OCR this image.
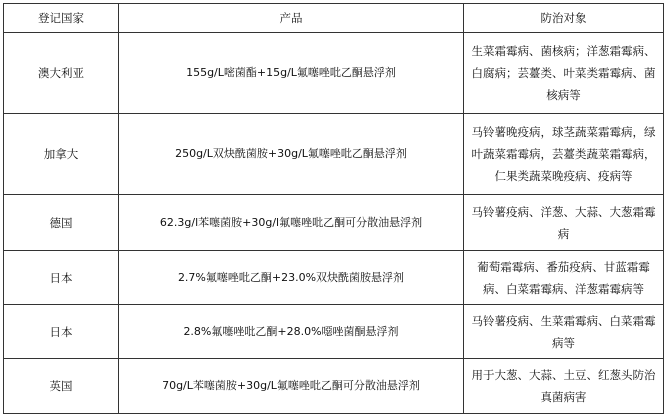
登记国家	产品	防治对象
澳大利亚	155g/L嘧菌酯+15g/L氟噻唑吡乙酮悬浮剂	生菜霜霉病、菌核病；洋葱霜霉病、白腐病；芸薹类、叶菜类霜霉病、菌核病等
加拿大	250g/L双炔酰菌胺+30g/L氟噻唑吡乙酮悬浮剂	马铃薯晚疫病，球茎蔬菜霜霉病，绿叶蔬菜霜霉病，芸薹类蔬菜霜霉病，仁果类蔬菜晚疫病、疫病等
德国	62.3g/l苯噻菌胺+30g/l氟噻唑吡乙酮可分散油悬浮剂	马铃薯疫病、洋葱、大蒜、大葱霜霉病
日本	2.7%氟噻唑吡乙酮+23.0%双炔酰菌胺悬浮剂	葡萄霜霉病、番茄疫病、甘蓝霜霉病、白菜霜霉病、洋葱霜霉病等
日本	2.8%氟噻唑吡乙酮+28.0%噁唑菌酮悬浮剂	马铃薯疫病、生菜霜霉病、白菜霜霉病等
英国	70g/L苯噻菌胺+30g/L氟噻唑吡乙酮可分散油悬浮剂	用于大葱、大蒜、土豆、红葱头防治真菌病害
